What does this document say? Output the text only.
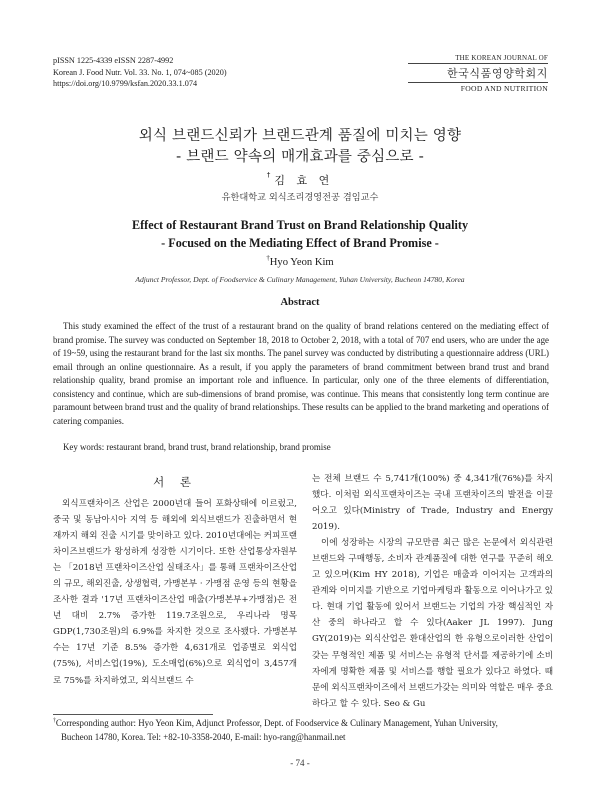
pISSN 1225-4339 eISSN 2287-4992
Korean J. Food Nutr. Vol. 33. No. 1, 074~085 (2020)
https://doi.org/10.9799/ksfan.2020.33.1.074
THE KOREAN JOURNAL OF
한국식품영양학회지
FOOD AND NUTRITION
외식 브랜드신뢰가 브랜드관계 품질에 미치는 영향
- 브랜드 약속의 매개효과를 중심으로 -
†김 효 연
유한대학교 외식조리경영전공 겸임교수
Effect of Restaurant Brand Trust on Brand Relationship Quality
- Focused on the Mediating Effect of Brand Promise -
†Hyo Yeon Kim
Adjunct Professor, Dept. of Foodservice & Culinary Management, Yuhan University, Bucheon 14780, Korea
Abstract
This study examined the effect of the trust of a restaurant brand on the quality of brand relations centered on the mediating effect of brand promise. The survey was conducted on September 18, 2018 to October 2, 2018, with a total of 707 end users, who are under the age of 19~59, using the restaurant brand for the last six months. The panel survey was conducted by distributing a questionnaire address (URL) email through an online questionnaire. As a result, if you apply the parameters of brand commitment between brand trust and brand relationship quality, brand promise an important role and influence. In particular, only one of the three elements of differentiation, consistency and continue, which are sub-dimensions of brand promise, was continue. This means that consistently long term continue are paramount between brand trust and the quality of brand relationships. These results can be applied to the brand marketing and operations of catering companies.
Key words: restaurant brand, brand trust, brand relationship, brand promise
서 론

외식프랜차이즈 산업은 2000년대 들어 포화상태에 이르렀고, 중국 및 동남아시아 지역 등 해외에 외식브랜드가 진출하면서 현재까지 해외 진출 시기를 맞이하고 있다. 2010년대에는 커피프랜차이즈브랜드가 왕성하게 성장한 시기이다. 또한 산업통상자원부는 「2018년 프랜차이즈산업 실태조사」를 통해 프랜차이즈산업의 규모, 해외진출, 상생협력, 가맹본부 · 가맹점 운영 등의 현황을 조사한 결과 '17년 프랜차이즈산업 매출(가맹본부+가맹점)은 전년 대비 2.7% 증가한 119.7조원으로, 우리나라 명목GDP(1,730조원)의 6.9%를 차지한 것으로 조사됐다. 가맹본부 수는 17년 기준 8.5% 증가한 4,631개로 업종별로 외식업(75%), 서비스업(19%), 도소매업(6%)으로 외식업이 3,457개로 75%를 차지하였고, 외식브랜드 수

는 전체 브랜드 수 5,741개(100%) 중 4,341개(76%)를 차지했다. 이처럼 외식프랜차이즈는 국내 프랜차이즈의 발전을 이끌어오고 있다(Ministry of Trade, Industry and Energy 2019).

이에 성장하는 시장의 규모만큼 최근 많은 논문에서 외식관련 브랜드와 구매행동, 소비자 관계품질에 대한 연구를 꾸준히 해오고 있으며(Kim HY 2018), 기업은 매출과 이어지는 고객과의 관계와 이미지를 기반으로 기업마케팅과 활동으로 이어나가고 있다. 현대 기업 활동에 있어서 브랜드는 기업의 가장 핵심적인 자산 중의 하나라고 할 수 있다(Aaker JL 1997). Jung GY(2019)는 외식산업은 환대산업의 한 유형으로이러한 산업이 갖는 무형적인 제품 및 서비스는 유형적 단서를 제공하기에 소비자에게 명확한 제품 및 서비스를 행할 필요가 있다고 하였다. 때문에 외식프랜차이즈에서 브랜드가갖는 의미와 역할은 매우 중요하다고 할 수 있다. Seo & Gu

†Corresponding author: Hyo Yeon Kim, Adjunct Professor, Dept. of Foodservice & Culinary Management, Yuhan University,
Bucheon 14780, Korea. Tel: +82-10-3358-2040, E-mail: hyo-rang@hanmail.net
- 74 -
